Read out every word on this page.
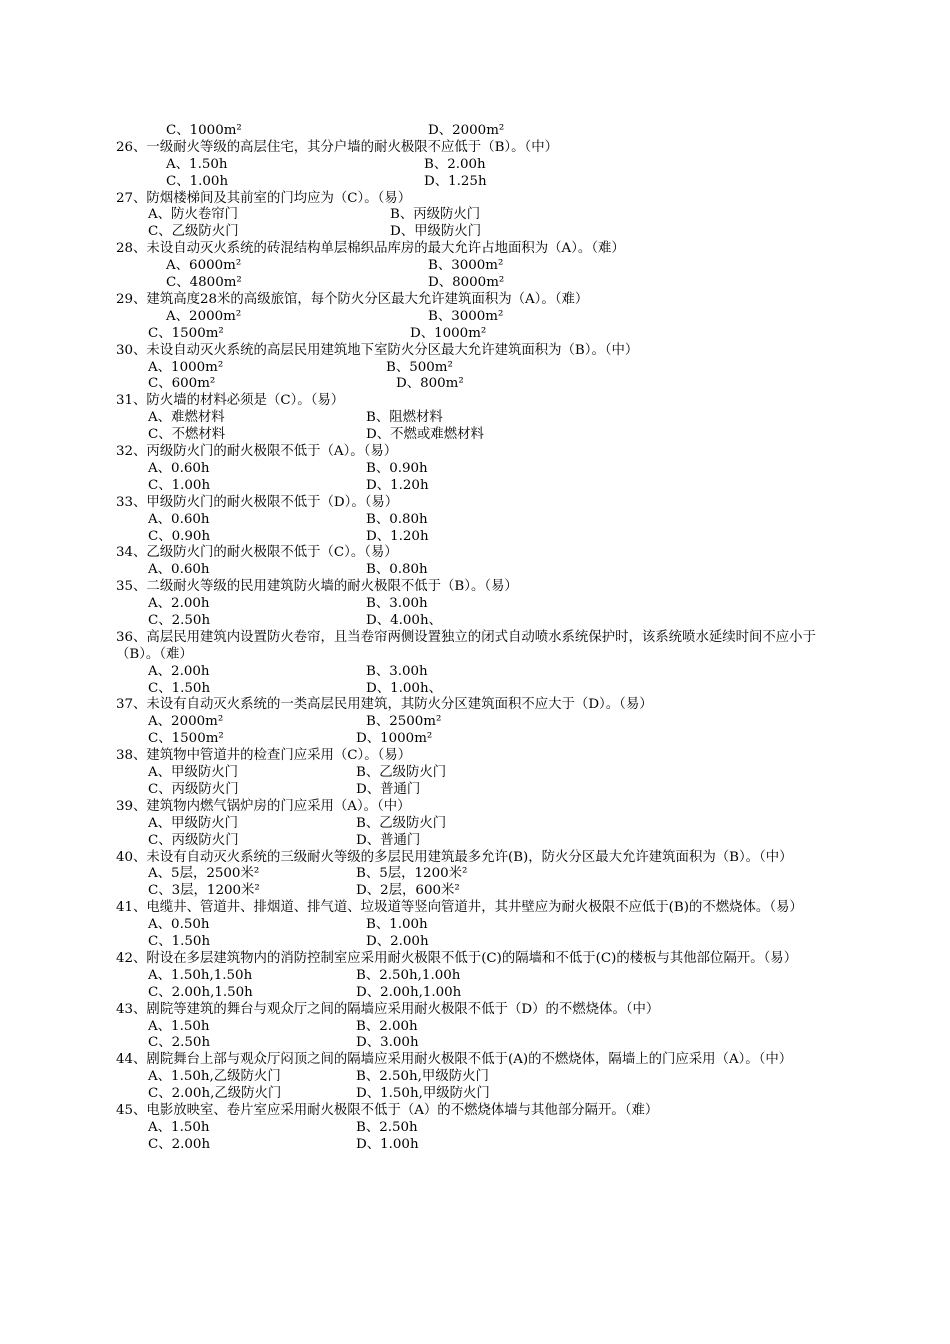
C、1000m²	D、2000m²
26、一级耐火等级的高层住宅，其分户墙的耐火极限不应低于（B）。（中）
A、1.50h	B、2.00h
C、1.00h	D、1.25h
27、防烟楼梯间及其前室的门均应为（C）。（易）
A、防火卷帘门	B、丙级防火门
C、乙级防火门	D、甲级防火门
28、未设自动灭火系统的砖混结构单层棉织品库房的最大允许占地面积为（A）。（难）
A、6000m²	B、3000m²
C、4800m²	D、8000m²
29、建筑高度28米的高级旅馆，每个防火分区最大允许建筑面积为（A）。（难）
A、2000m²	B、3000m²
C、1500m²	D、1000m²
30、未设自动灭火系统的高层民用建筑地下室防火分区最大允许建筑面积为（B）。（中）
A、1000m²	B、500m²
C、600m²	D、800m²
31、防火墙的材料必须是（C）。（易）
A、难燃材料	B、阻燃材料
C、不燃材料	D、不燃或难燃材料
32、丙级防火门的耐火极限不低于（A）。（易）
A、0.60h	B、0.90h
C、1.00h	D、1.20h
33、甲级防火门的耐火极限不低于（D）。（易）
A、0.60h	B、0.80h
C、0.90h	D、1.20h
34、乙级防火门的耐火极限不低于（C）。（易）
A、0.60h	B、0.80h
35、二级耐火等级的民用建筑防火墙的耐火极限不低于（B）。（易）
A、2.00h	B、3.00h
C、2.50h	D、4.00h、
36、高层民用建筑内设置防火卷帘，且当卷帘两侧设置独立的闭式自动喷水系统保护时，该系统喷水延续时间不应小于（B）。（难）
A、2.00h	B、3.00h
C、1.50h	D、1.00h、
37、未设有自动灭火系统的一类高层民用建筑，其防火分区建筑面积不应大于（D）。（易）
A、2000m²	B、2500m²
C、1500m²	D、1000m²
38、建筑物中管道井的检查门应采用（C）。（易）
A、甲级防火门	B、乙级防火门
C、丙级防火门	D、普通门
39、建筑物内燃气锅炉房的门应采用（A）。（中）
A、甲级防火门	B、乙级防火门
C、丙级防火门	D、普通门
40、未设有自动灭火系统的三级耐火等级的多层民用建筑最多允许(B)，防火分区最大允许建筑面积为（B）。（中）
A、5层，2500米²	B、5层，1200米²
C、3层，1200米²	D、2层，600米²
41、电缆井、管道井、排烟道、排气道、垃圾道等竖向管道井，其井壁应为耐火极限不应低于(B)的不燃烧体。（易）
A、0.50h	B、1.00h
C、1.50h	D、2.00h
42、附设在多层建筑物内的消防控制室应采用耐火极限不低于(C)的隔墙和不低于(C)的楼板与其他部位隔开。（易）
A、1.50h,1.50h	B、2.50h,1.00h
C、2.00h,1.50h	D、2.00h,1.00h
43、剧院等建筑的舞台与观众厅之间的隔墙应采用耐火极限不低于（D）的不燃烧体。（中）
A、1.50h	B、2.00h
C、2.50h	D、3.00h
44、剧院舞台上部与观众厅闷顶之间的隔墙应采用耐火极限不低于(A)的不燃烧体，隔墙上的门应采用（A）。（中）
A、1.50h,乙级防火门	B、2.50h,甲级防火门
C、2.00h,乙级防火门	D、1.50h,甲级防火门
45、电影放映室、卷片室应采用耐火极限不低于（A）的不燃烧体墙与其他部分隔开。（难）
A、1.50h	B、2.50h
C、2.00h	D、1.00h
